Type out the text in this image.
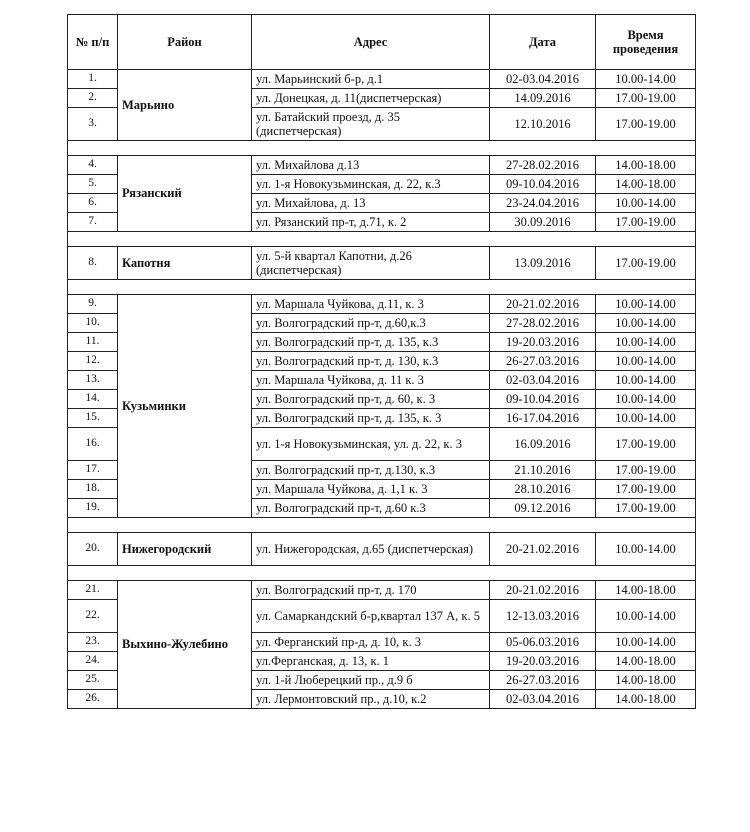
№ п/п	Район	Адрес	Дата	Время проведения
1.	Марьино	ул. Марьинский б-р, д.1	02-03.04.2016	10.00-14.00
2.		ул. Донецкая, д. 11(диспетчерская)	14.09.2016	17.00-19.00
3.		ул. Батайский проезд, д. 35 (диспетчерская)	12.10.2016	17.00-19.00

4.	Рязанский	ул. Михайлова д.13	27-28.02.2016	14.00-18.00
5.		ул. 1-я Новокузьминская, д. 22, к.3	09-10.04.2016	14.00-18.00
6.		ул. Михайлова, д. 13	23-24.04.2016	10.00-14.00
7.		ул. Рязанский пр-т, д.71, к. 2	30.09.2016	17.00-19.00

8.	Капотня	ул. 5-й квартал Капотни, д.26 (диспетчерская)	13.09.2016	17.00-19.00

9.	Кузьминки	ул. Маршала Чуйкова, д.11, к. 3	20-21.02.2016	10.00-14.00
10.		ул. Волгоградский пр-т, д.60,к.3	27-28.02.2016	10.00-14.00
11.		ул. Волгоградский пр-т, д. 135, к.3	19-20.03.2016	10.00-14.00
12.		ул. Волгоградский пр-т, д. 130, к.3	26-27.03.2016	10.00-14.00
13.		ул. Маршала Чуйкова, д. 11 к. 3	02-03.04.2016	10.00-14.00
14.		ул. Волгоградский пр-т, д. 60, к. 3	09-10.04.2016	10.00-14.00
15.		ул. Волгоградский пр-т, д. 135, к. 3	16-17.04.2016	10.00-14.00
16.		ул. 1-я Новокузьминская, ул. д. 22, к. 3	16.09.2016	17.00-19.00
17.		ул. Волгоградский пр-т, д.130, к.3	21.10.2016	17.00-19.00
18.		ул. Маршала Чуйкова, д. 1,1 к. 3	28.10.2016	17.00-19.00
19.		ул. Волгоградский пр-т, д.60 к.3	09.12.2016	17.00-19.00

20.	Нижегородский	ул. Нижегородская, д.65 (диспетчерская)	20-21.02.2016	10.00-14.00

21.	Выхино-Жулебино	ул. Волгоградский пр-т, д. 170	20-21.02.2016	14.00-18.00
22.		ул. Самаркандский б-р,квартал 137 А, к. 5	12-13.03.2016	10.00-14.00
23.		ул. Ферганский пр-д, д. 10, к. 3	05-06.03.2016	10.00-14.00
24.		ул.Ферганская, д. 13, к. 1	19-20.03.2016	14.00-18.00
25.		ул. 1-й Люберецкий пр., д.9 б	26-27.03.2016	14.00-18.00
26.		ул. Лермонтовский пр., д.10, к.2	02-03.04.2016	14.00-18.00
